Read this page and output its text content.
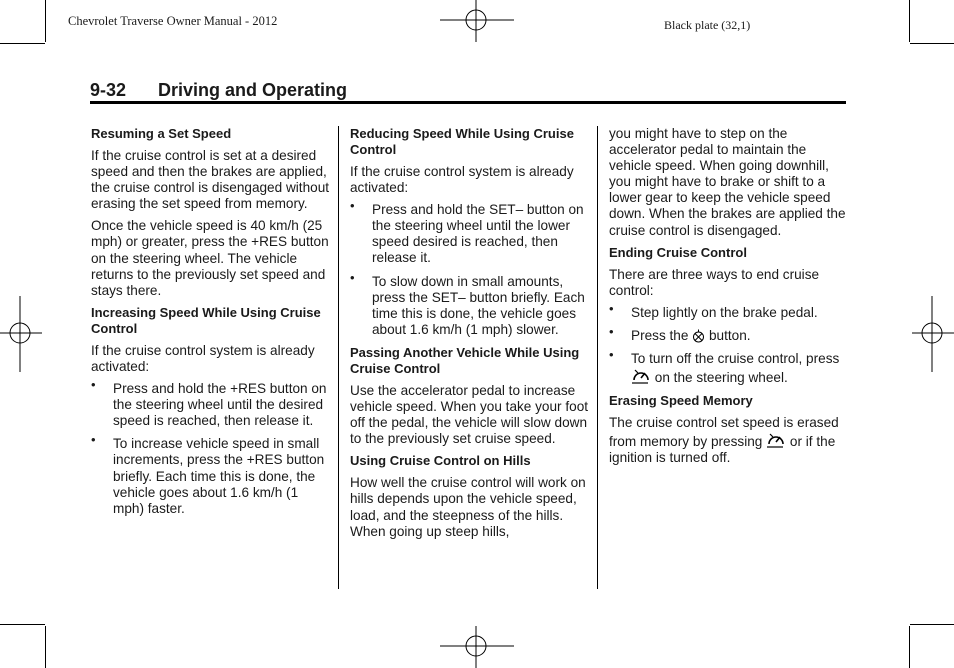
Chevrolet Traverse Owner Manual - 2012	Black plate (32,1)
9-32 Driving and Operating
Resuming a Set Speed

If the cruise control is set at a desired speed and then the brakes are applied, the cruise control is disengaged without erasing the set speed from memory.

Once the vehicle speed is 40 km/h (25 mph) or greater, press the +RES button on the steering wheel. The vehicle returns to the previously set speed and stays there.

Increasing Speed While Using Cruise Control

If the cruise control system is already activated:

• Press and hold the +RES button on the steering wheel until the desired speed is reached, then release it.
• To increase vehicle speed in small increments, press the +RES button briefly. Each time this is done, the vehicle goes about 1.6 km/h (1 mph) faster.
Reducing Speed While Using Cruise Control

If the cruise control system is already activated:

• Press and hold the SET– button on the steering wheel until the lower speed desired is reached, then release it.
• To slow down in small amounts, press the SET– button briefly. Each time this is done, the vehicle goes about 1.6 km/h (1 mph) slower.
Passing Another Vehicle While Using Cruise Control

Use the accelerator pedal to increase vehicle speed. When you take your foot off the pedal, the vehicle will slow down to the previously set cruise speed.

Using Cruise Control on Hills

How well the cruise control will work on hills depends upon the vehicle speed, load, and the steepness of the hills. When going up steep hills,

you might have to step on the accelerator pedal to maintain the vehicle speed. When going downhill, you might have to brake or shift to a lower gear to keep the vehicle speed down. When the brakes are applied the cruise control is disengaged.

Ending Cruise Control

There are three ways to end cruise control:

• Step lightly on the brake pedal.
• Press the button.
• To turn off the cruise control, press  on the steering wheel.
Erasing Speed Memory

The cruise control set speed is erased from memory by pressing or if the ignition is turned off.
